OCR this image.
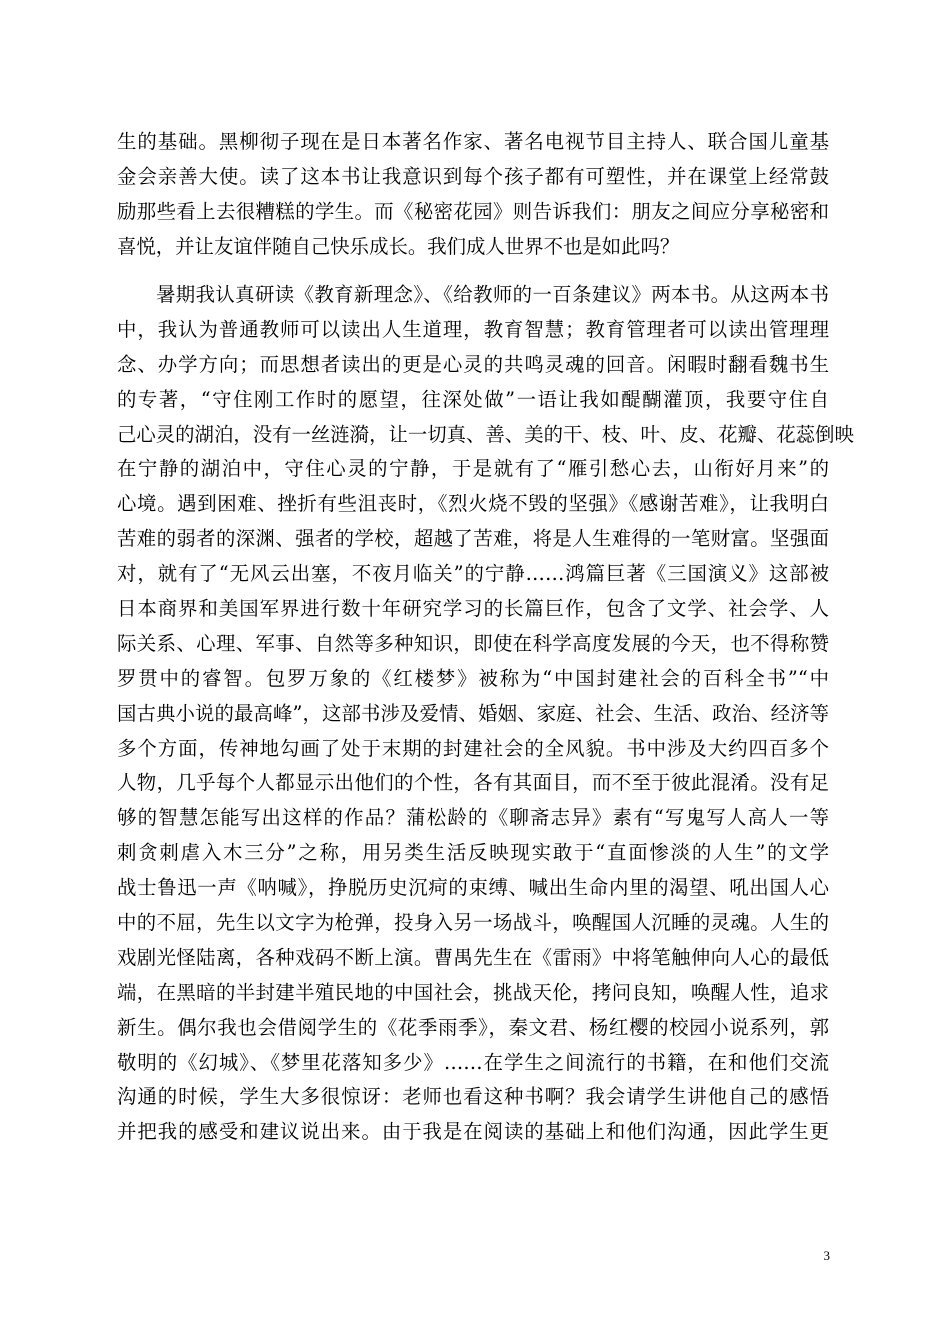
生的基础。黑柳彻子现在是日本著名作家、著名电视节目主持人、联合国儿童基
金会亲善大使。读了这本书让我意识到每个孩子都有可塑性，并在课堂上经常鼓
励那些看上去很糟糕的学生。而《秘密花园》则告诉我们：朋友之间应分享秘密和
喜悦，并让友谊伴随自己快乐成长。我们成人世界不也是如此吗？
暑期我认真研读《教育新理念》、《给教师的一百条建议》两本书。从这两本书
中，我认为普通教师可以读出人生道理，教育智慧；教育管理者可以读出管理理
念、办学方向；而思想者读出的更是心灵的共鸣灵魂的回音。闲暇时翻看魏书生
的专著，“守住刚工作时的愿望，往深处做”一语让我如醍醐灌顶，我要守住自
己心灵的湖泊，没有一丝涟漪，让一切真、善、美的干、枝、叶、皮、花瓣、花蕊倒映
在宁静的湖泊中，守住心灵的宁静，于是就有了“雁引愁心去，山衔好月来”的
心境。遇到困难、挫折有些沮丧时，《烈火烧不毁的坚强》《感谢苦难》，让我明白
苦难的弱者的深渊、强者的学校，超越了苦难，将是人生难得的一笔财富。坚强面
对，就有了“无风云出塞，不夜月临关”的宁静……鸿篇巨著《三国演义》这部被
日本商界和美国军界进行数十年研究学习的长篇巨作，包含了文学、社会学、人
际关系、心理、军事、自然等多种知识，即使在科学高度发展的今天，也不得称赞
罗贯中的睿智。包罗万象的《红楼梦》被称为“中国封建社会的百科全书”“中
国古典小说的最高峰”，这部书涉及爱情、婚姻、家庭、社会、生活、政治、经济等
多个方面，传神地勾画了处于末期的封建社会的全风貌。书中涉及大约四百多个
人物，几乎每个人都显示出他们的个性，各有其面目，而不至于彼此混淆。没有足
够的智慧怎能写出这样的作品？蒲松龄的《聊斋志异》素有“写鬼写人高人一等
刺贪刺虐入木三分”之称，用另类生活反映现实敢于“直面惨淡的人生”的文学
战士鲁迅一声《呐喊》，挣脱历史沉疴的束缚、喊出生命内里的渴望、吼出国人心
中的不屈，先生以文字为枪弹，投身入另一场战斗，唤醒国人沉睡的灵魂。人生的
戏剧光怪陆离，各种戏码不断上演。曹禺先生在《雷雨》中将笔触伸向人心的最低
端，在黑暗的半封建半殖民地的中国社会，挑战天伦，拷问良知，唤醒人性，追求
新生。偶尔我也会借阅学生的《花季雨季》，秦文君、杨红樱的校园小说系列，郭
敬明的《幻城》、《梦里花落知多少》……在学生之间流行的书籍，在和他们交流
沟通的时候，学生大多很惊讶：老师也看这种书啊？我会请学生讲他自己的感悟
并把我的感受和建议说出来。由于我是在阅读的基础上和他们沟通，因此学生更
3
